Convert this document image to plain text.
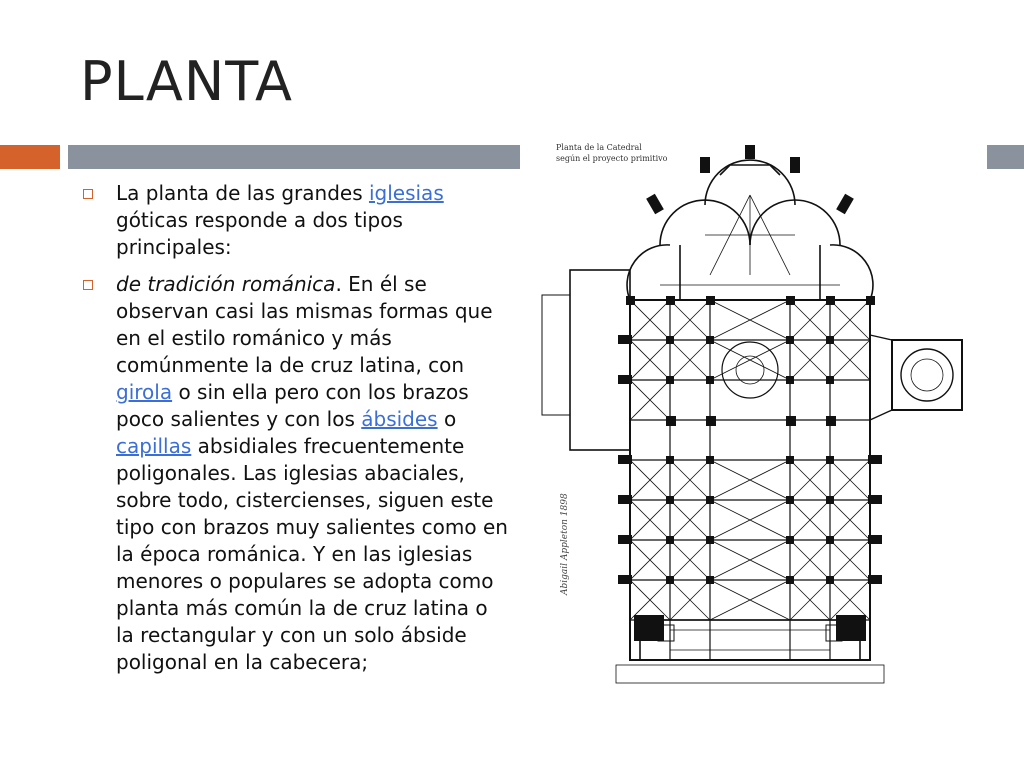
PLANTA
La planta de las grandes iglesias góticas responde a dos tipos principales:
de tradición románica. En él se observan casi las mismas formas que en el estilo románico y más comúnmente la de cruz latina, con girola o sin ella pero con los brazos poco salientes y con los ábsides o capillas absidiales frecuentemente poligonales. Las iglesias abaciales, sobre todo, cistercienses, siguen este tipo con brazos muy salientes como en la época románica. Y en las iglesias menores o populares se adopta como planta más común la de cruz latina o la rectangular y con un solo ábside poligonal en la cabecera;
Planta de la Catedral
según el proyecto primitivo
Abigail Appleton 1898
